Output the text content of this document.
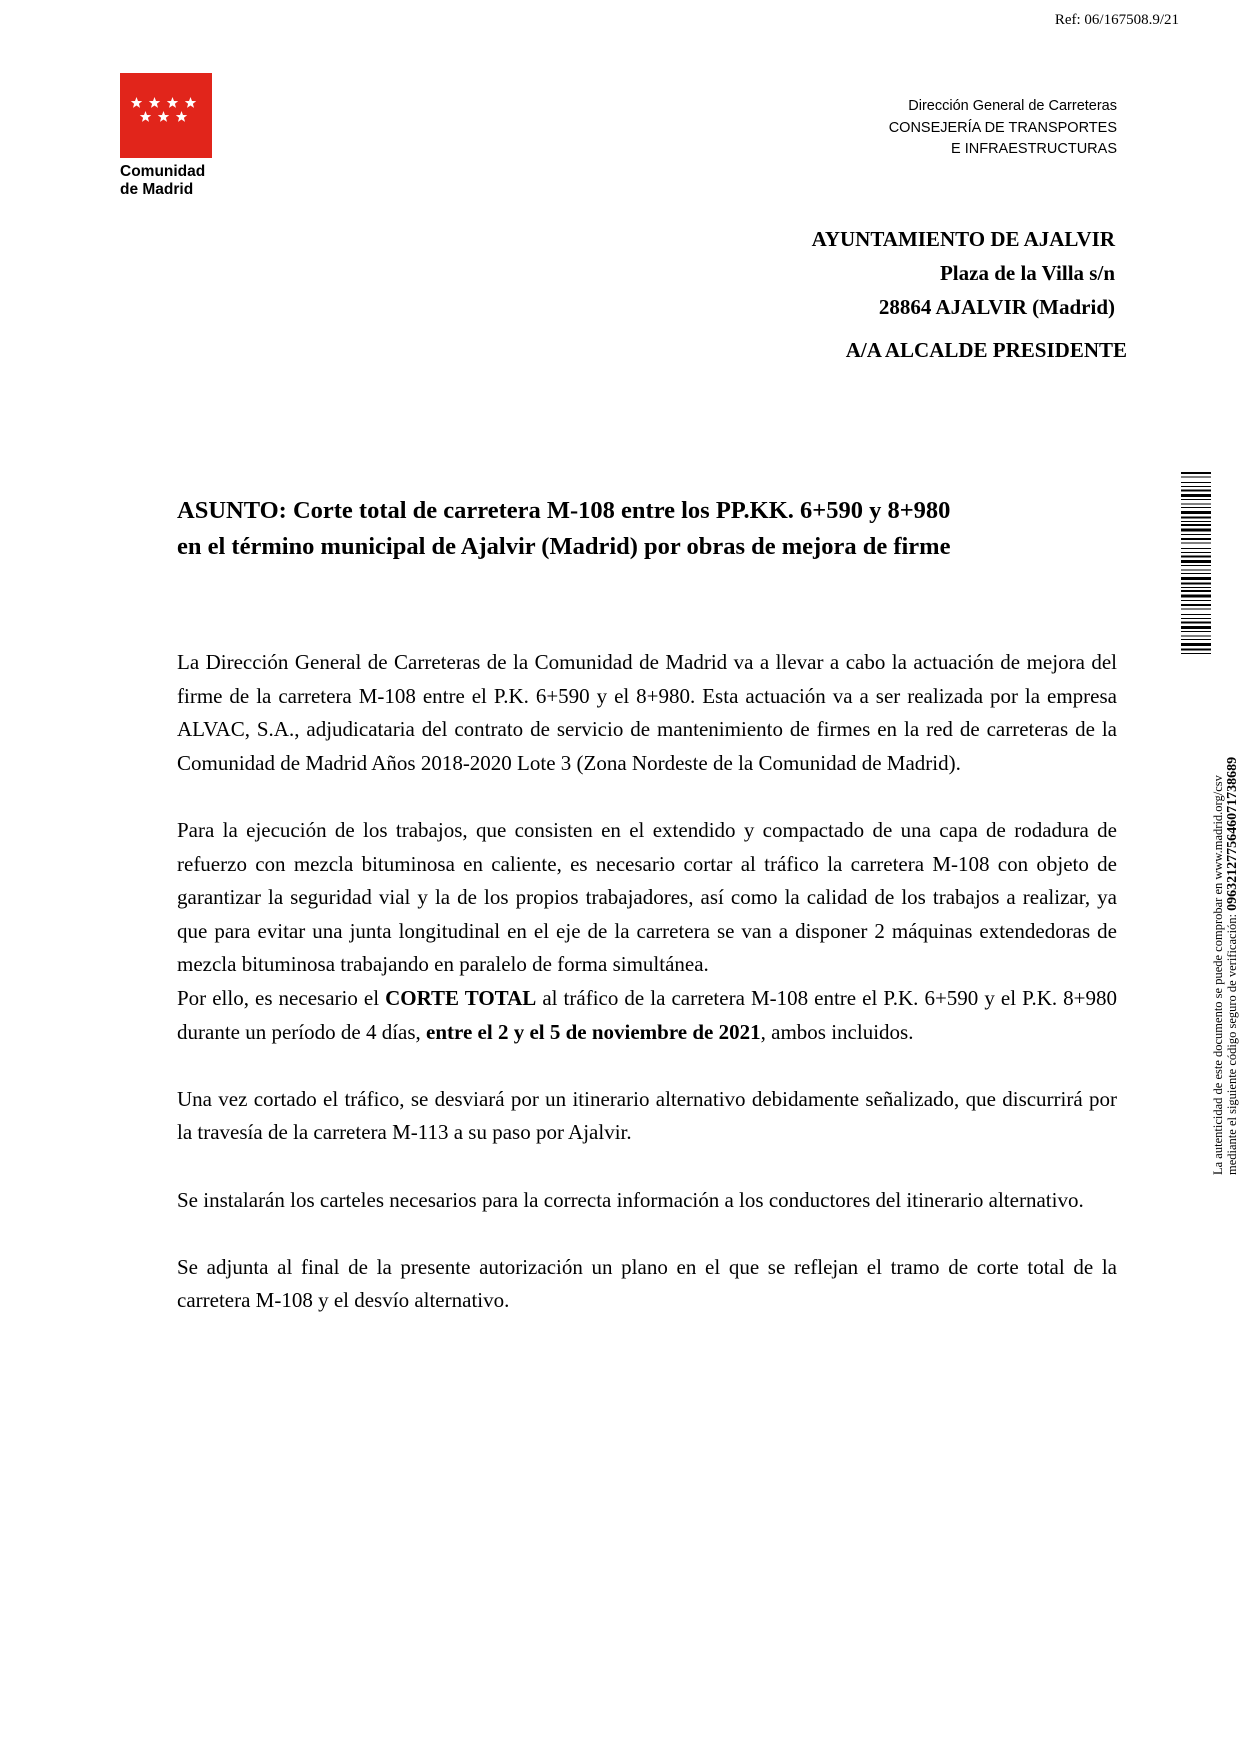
Ref: 06/167508.9/21
Comunidad
de Madrid
Dirección General de Carreteras
CONSEJERÍA DE TRANSPORTES
E INFRAESTRUCTURAS
AYUNTAMIENTO DE AJALVIR
Plaza de la Villa s/n
28864 AJALVIR (Madrid)
A/A ALCALDE PRESIDENTE
ASUNTO: Corte total de carretera M-108 entre los PP.KK. 6+590 y 8+980
en el término municipal de Ajalvir (Madrid) por obras de mejora de firme

La Dirección General de Carreteras de la Comunidad de Madrid va a llevar a cabo la actuación de mejora del firme de la carretera M-108 entre el P.K. 6+590 y el 8+980. Esta actuación va a ser realizada por la empresa ALVAC, S.A., adjudicataria del contrato de servicio de mantenimiento de firmes en la red de carreteras de la Comunidad de Madrid Años 2018-2020 Lote 3 (Zona Nordeste de la Comunidad de Madrid).

Para la ejecución de los trabajos, que consisten en el extendido y compactado de una capa de rodadura de refuerzo con mezcla bituminosa en caliente, es necesario cortar al tráfico la carretera M-108 con objeto de garantizar la seguridad vial y la de los propios trabajadores, así como la calidad de los trabajos a realizar, ya que para evitar una junta longitudinal en el eje de la carretera se van a disponer 2 máquinas extendedoras de mezcla bituminosa trabajando en paralelo de forma simultánea.

Por ello, es necesario el CORTE TOTAL al tráfico de la carretera M-108 entre el P.K. 6+590 y el P.K. 8+980 durante un período de 4 días, entre el 2 y el 5 de noviembre de 2021, ambos incluidos.

Una vez cortado el tráfico, se desviará por un itinerario alternativo debidamente señalizado, que discurrirá por la travesía de la carretera M-113 a su paso por Ajalvir.

Se instalarán los carteles necesarios para la correcta información a los conductores del itinerario alternativo.

Se adjunta al final de la presente autorización un plano en el que se reflejan el tramo de corte total de la carretera M-108 y el desvío alternativo.

La autenticidad de este documento se puede comprobar en www.madrid.org/csv mediante el siguiente código seguro de verificación: 0963212775646071738689
